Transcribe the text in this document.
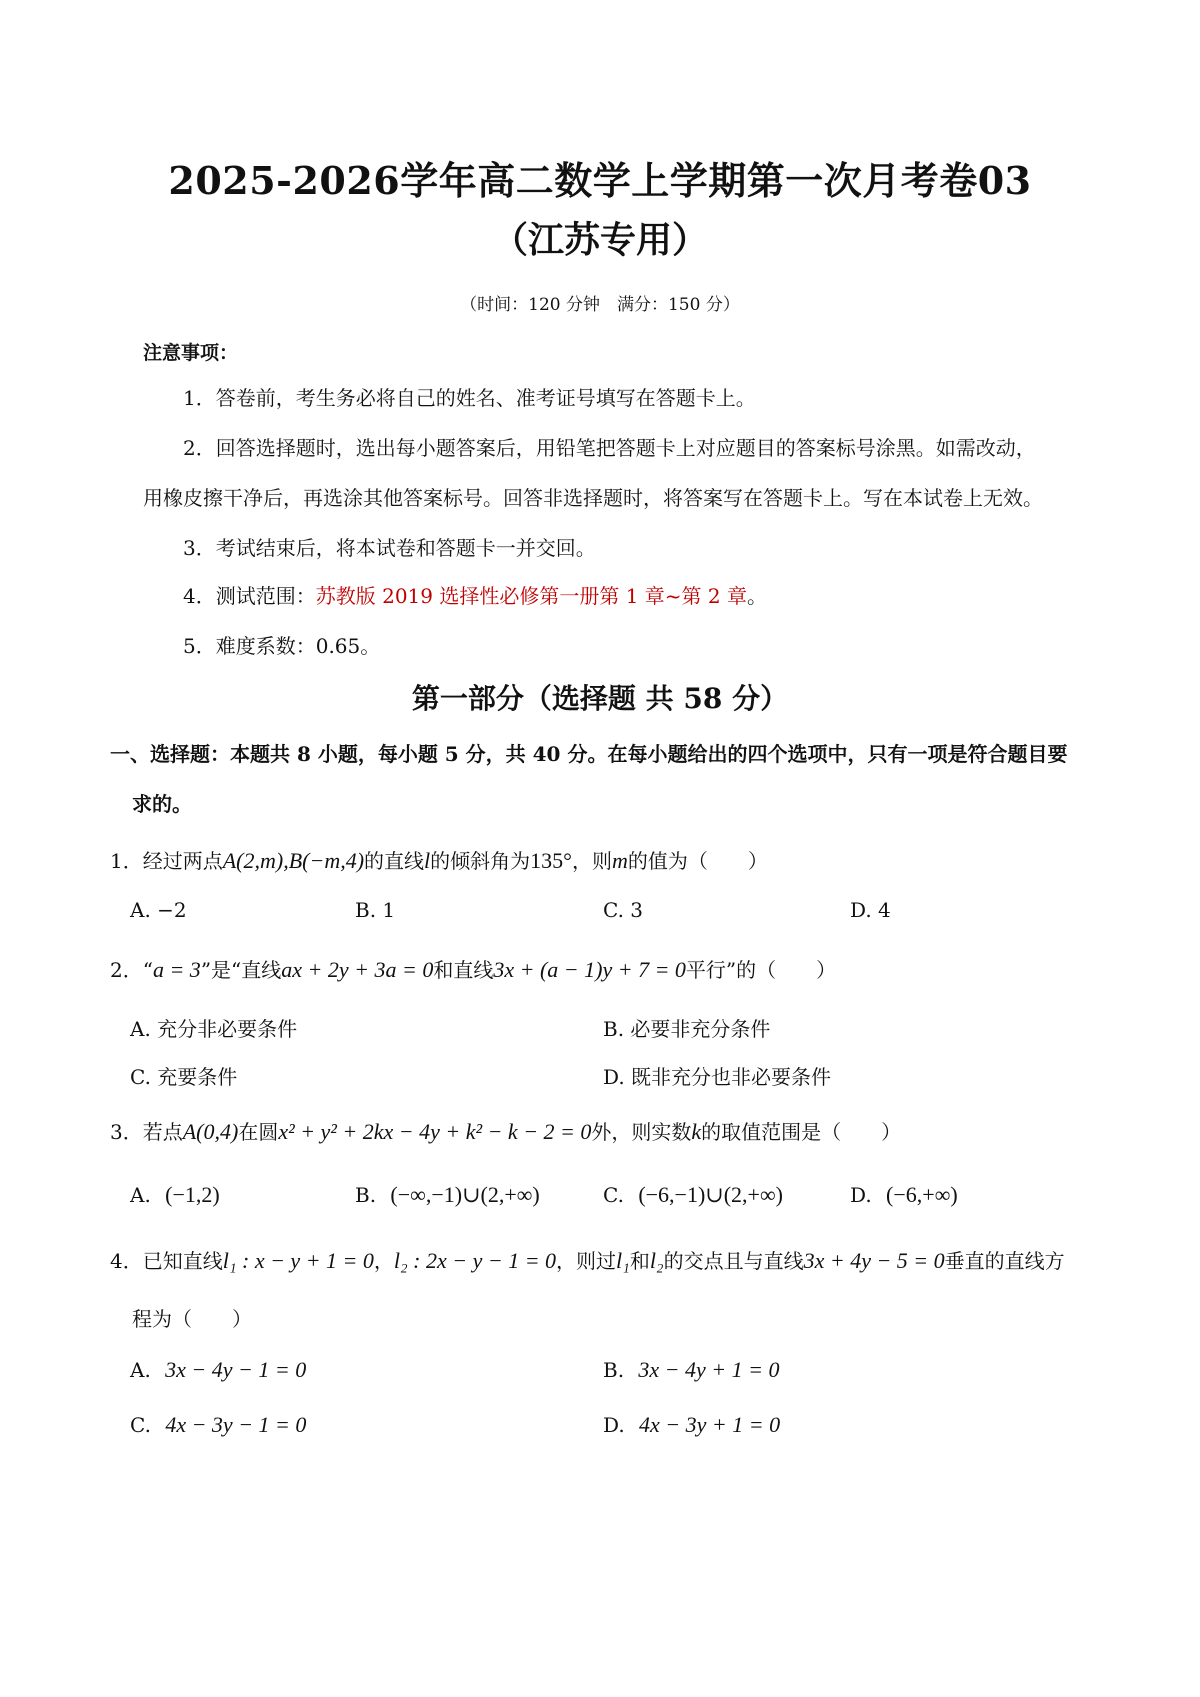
2025-2026学年高二数学上学期第一次月考卷03
（江苏专用）
（时间：120 分钟　满分：150 分）
注意事项：
1．答卷前，考生务必将自己的姓名、准考证号填写在答题卡上。
2．回答选择题时，选出每小题答案后，用铅笔把答题卡上对应题目的答案标号涂黑。如需改动，
用橡皮擦干净后，再选涂其他答案标号。回答非选择题时，将答案写在答题卡上。写在本试卷上无效。
3．考试结束后，将本试卷和答题卡一并交回。
4．测试范围：苏教版 2019 选择性必修第一册第 1 章~第 2 章。
5．难度系数：0.65。
第一部分（选择题 共 58 分）
一、选择题：本题共 8 小题，每小题 5 分，共 40 分。在每小题给出的四个选项中，只有一项是符合题目要
求的。
1．经过两点A(2,m),B(−m,4)的直线l的倾斜角为135°，则m的值为（　　）
A. −2	B. 1	C. 3	D. 4
2．“a = 3”是“直线ax + 2y + 3a = 0和直线3x + (a − 1)y + 7 = 0平行”的（　　）
A. 充分非必要条件	B. 必要非充分条件
C. 充要条件	D. 既非充分也非必要条件
3．若点A(0,4)在圆x² + y² + 2kx − 4y + k² − k − 2 = 0外，则实数k的取值范围是（　　）
A. (−1,2)	B. (−∞,−1)∪(2,+∞)	C. (−6,−1)∪(2,+∞)	D. (−6,+∞)
4．已知直线l₁ : x − y + 1 = 0，l₂ : 2x − y − 1 = 0，则过l₁和l₂的交点且与直线3x + 4y − 5 = 0垂直的直线方
程为（　　）
A. 3x − 4y − 1 = 0	B. 3x − 4y + 1 = 0
C. 4x − 3y − 1 = 0	D. 4x − 3y + 1 = 0
